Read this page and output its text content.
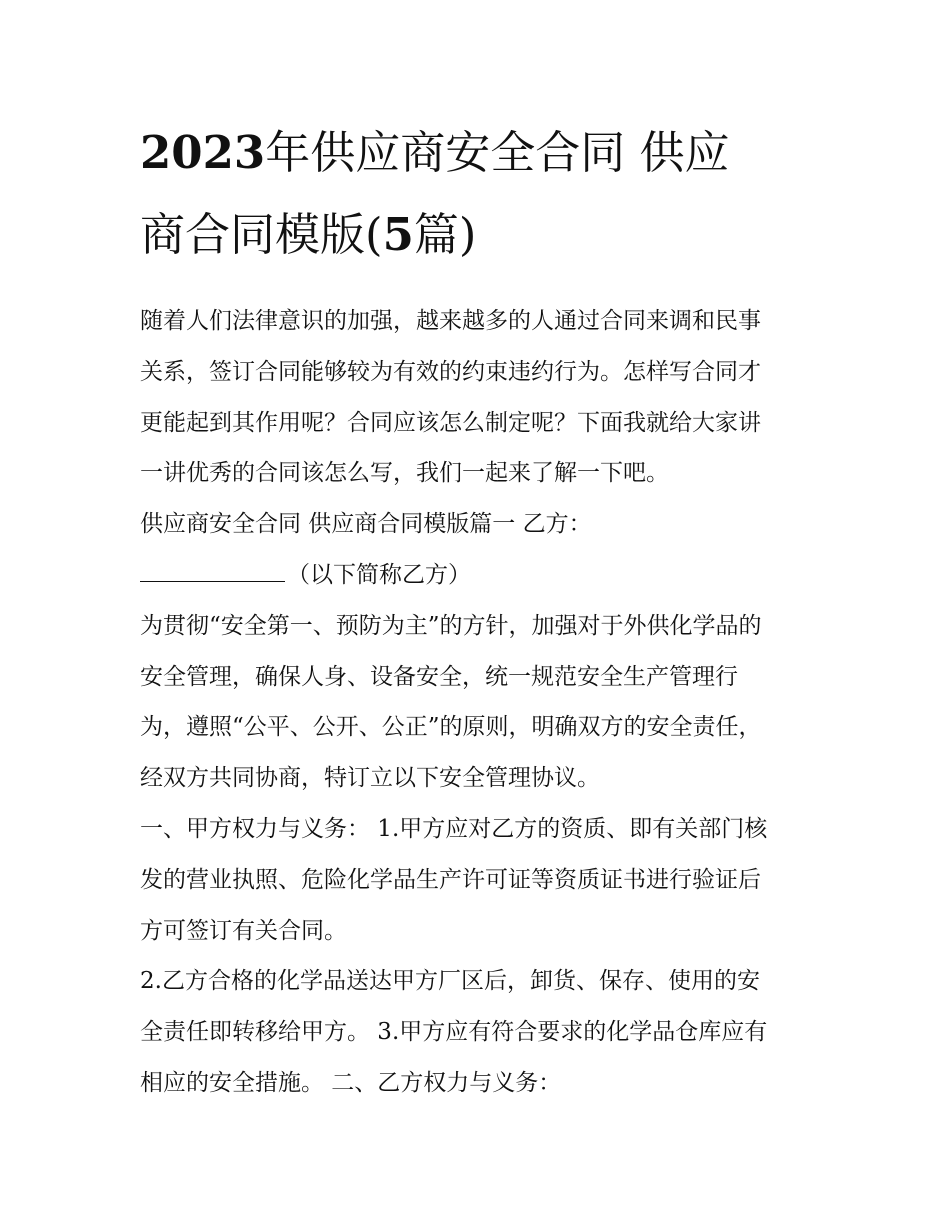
2023年供应商安全合同 供应
商合同模版(5篇)

随着人们法律意识的加强，越来越多的人通过合同来调和民事

关系，签订合同能够较为有效的约束违约行为。怎样写合同才

更能起到其作用呢？合同应该怎么制定呢？下面我就给大家讲

一讲优秀的合同该怎么写，我们一起来了解一下吧。

供应商安全合同 供应商合同模版篇一 乙方：

（以下简称乙方）

为贯彻“安全第一、预防为主”的方针，加强对于外供化学品的

安全管理，确保人身、设备安全，统一规范安全生产管理行

为，遵照“公平、公开、公正”的原则，明确双方的安全责任，

经双方共同协商，特订立以下安全管理协议。

一、甲方权力与义务： 1.甲方应对乙方的资质、即有关部门核

发的营业执照、危险化学品生产许可证等资质证书进行验证后

方可签订有关合同。

2.乙方合格的化学品送达甲方厂区后，卸货、保存、使用的安

全责任即转移给甲方。 3.甲方应有符合要求的化学品仓库应有

相应的安全措施。 二、乙方权力与义务：
